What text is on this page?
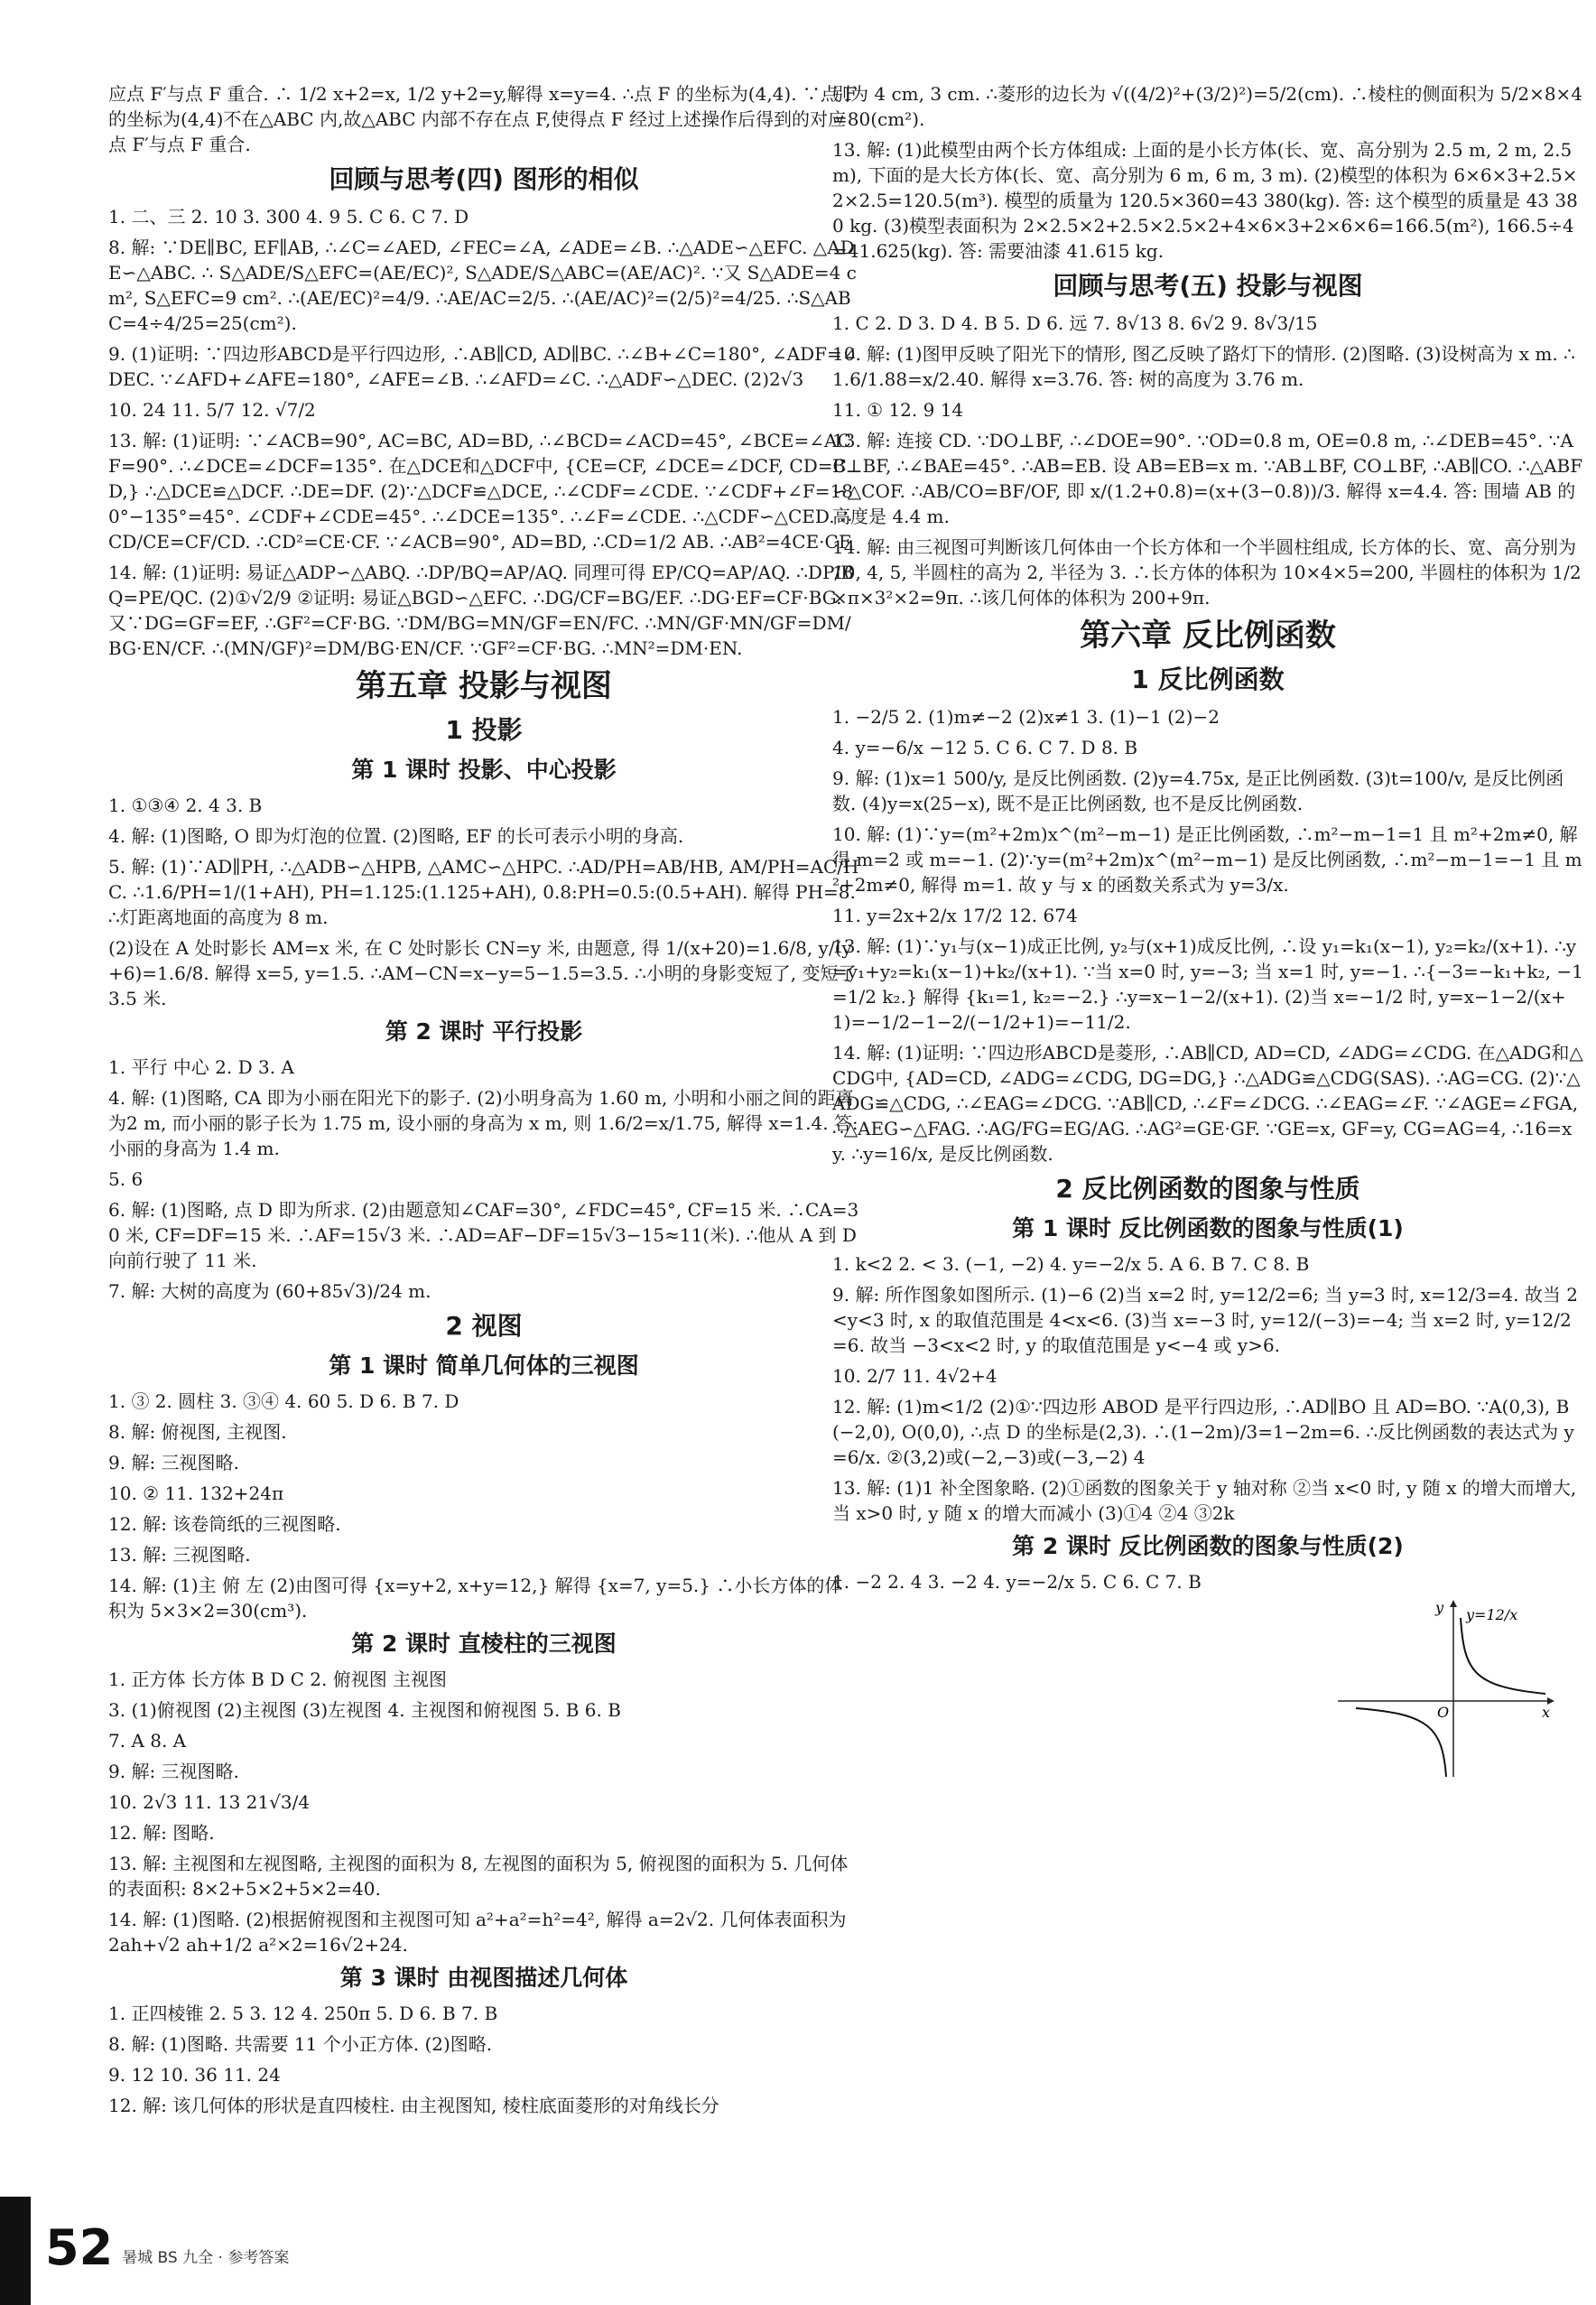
应点 F′与点 F 重合. ∴ 1/2 x+2=x, 1/2 y+2=y,解得 x=y=4. ∴点 F 的坐标为(4,4). ∵点 F 的坐标为(4,4)不在△ABC 内,故△ABC 内部不存在点 F,使得点 F 经过上述操作后得到的对应点 F′与点 F 重合.
回顾与思考(四) 图形的相似
1. 二、三 2. 10 3. 300 4. 9 5. C 6. C 7. D
8. 解: ∵DE∥BC, EF∥AB, ∴∠C=∠AED, ∠FEC=∠A, ∠ADE=∠B. ∴△ADE∽△EFC. △ADE∽△ABC. ∴ S△ADE/S△EFC=(AE/EC)², S△ADE/S△ABC=(AE/AC)². ∵又 S△ADE=4 cm², S△EFC=9 cm². ∴(AE/EC)²=4/9. ∴AE/AC=2/5. ∴(AE/AC)²=(2/5)²=4/25. ∴S△ABC=4÷4/25=25(cm²).
9. (1)证明: ∵四边形ABCD是平行四边形, ∴AB∥CD, AD∥BC. ∴∠B+∠C=180°, ∠ADF=∠DEC. ∵∠AFD+∠AFE=180°, ∠AFE=∠B. ∴∠AFD=∠C. ∴△ADF∽△DEC. (2)2√3
10. 24 11. 5/7 12. √7/2
13. 解: (1)证明: ∵∠ACB=90°, AC=BC, AD=BD, ∴∠BCD=∠ACD=45°, ∠BCE=∠ACF=90°. ∴∠DCE=∠DCF=135°. 在△DCE和△DCF中, {CE=CF, ∠DCE=∠DCF, CD=CD,} ∴△DCE≌△DCF. ∴DE=DF. (2)∵△DCF≌△DCE, ∴∠CDF=∠CDE. ∵∠CDF+∠F=180°−135°=45°. ∠CDF+∠CDE=45°. ∴∠DCE=135°. ∴∠F=∠CDE. ∴△CDF∽△CED. ∴CD/CE=CF/CD. ∴CD²=CE·CF. ∵∠ACB=90°, AD=BD, ∴CD=1/2 AB. ∴AB²=4CE·CF.
14. 解: (1)证明: 易证△ADP∽△ABQ. ∴DP/BQ=AP/AQ. 同理可得 EP/CQ=AP/AQ. ∴DP/BQ=PE/QC. (2)①√2/9 ②证明: 易证△BGD∽△EFC. ∴DG/CF=BG/EF. ∴DG·EF=CF·BG. 又∵DG=GF=EF, ∴GF²=CF·BG. ∵DM/BG=MN/GF=EN/FC. ∴MN/GF·MN/GF=DM/BG·EN/CF. ∴(MN/GF)²=DM/BG·EN/CF. ∵GF²=CF·BG. ∴MN²=DM·EN.
第五章 投影与视图
1 投影
第 1 课时 投影、中心投影
1. ①③④ 2. 4 3. B
4. 解: (1)图略, O 即为灯泡的位置. (2)图略, EF 的长可表示小明的身高.
5. 解: (1)∵AD∥PH, ∴△ADB∽△HPB, △AMC∽△HPC. ∴AD/PH=AB/HB, AM/PH=AC/HC. ∴1.6/PH=1/(1+AH), PH=1.125:(1.125+AH), 0.8:PH=0.5:(0.5+AH). 解得 PH=8. ∴灯距离地面的高度为 8 m.
(2)设在 A 处时影长 AM=x 米, 在 C 处时影长 CN=y 米, 由题意, 得 1/(x+20)=1.6/8, y/(y+6)=1.6/8. 解得 x=5, y=1.5. ∴AM−CN=x−y=5−1.5=3.5. ∴小明的身影变短了, 变短了 3.5 米.
第 2 课时 平行投影
1. 平行 中心 2. D 3. A
4. 解: (1)图略, CA 即为小丽在阳光下的影子. (2)小明身高为 1.60 m, 小明和小丽之间的距离为2 m, 而小丽的影子长为 1.75 m, 设小丽的身高为 x m, 则 1.6/2=x/1.75, 解得 x=1.4. 答: 小丽的身高为 1.4 m.
5. 6
6. 解: (1)图略, 点 D 即为所求. (2)由题意知∠CAF=30°, ∠FDC=45°, CF=15 米. ∴CA=30 米, CF=DF=15 米. ∴AF=15√3 米. ∴AD=AF−DF=15√3−15≈11(米). ∴他从 A 到 D 向前行驶了 11 米.
7. 解: 大树的高度为 (60+85√3)/24 m.
2 视图
第 1 课时 简单几何体的三视图
1. ③ 2. 圆柱 3. ③④ 4. 60 5. D 6. B 7. D
8. 解: 俯视图, 主视图.
9. 解: 三视图略.
10. ② 11. 132+24π
12. 解: 该卷筒纸的三视图略.
13. 解: 三视图略.
14. 解: (1)主 俯 左 (2)由图可得 {x=y+2, x+y=12,} 解得 {x=7, y=5.} ∴小长方体的体积为 5×3×2=30(cm³).
第 2 课时 直棱柱的三视图
1. 正方体 长方体 B D C 2. 俯视图 主视图
3. (1)俯视图 (2)主视图 (3)左视图 4. 主视图和俯视图 5. B 6. B
7. A 8. A
9. 解: 三视图略.
10. 2√3 11. 13 21√3/4
12. 解: 图略.
13. 解: 主视图和左视图略, 主视图的面积为 8, 左视图的面积为 5, 俯视图的面积为 5. 几何体的表面积: 8×2+5×2+5×2=40.
14. 解: (1)图略. (2)根据俯视图和主视图可知 a²+a²=h²=4², 解得 a=2√2. 几何体表面积为 2ah+√2 ah+1/2 a²×2=16√2+24.
第 3 课时 由视图描述几何体
1. 正四棱锥 2. 5 3. 12 4. 250π 5. D 6. B 7. B
8. 解: (1)图略. 共需要 11 个小正方体. (2)图略.
9. 12 10. 36 11. 24
12. 解: 该几何体的形状是直四棱柱. 由主视图知, 棱柱底面菱形的对角线长分
别为 4 cm, 3 cm. ∴菱形的边长为 √((4/2)²+(3/2)²)=5/2(cm). ∴棱柱的侧面积为 5/2×8×4=80(cm²).
13. 解: (1)此模型由两个长方体组成: 上面的是小长方体(长、宽、高分别为 2.5 m, 2 m, 2.5 m), 下面的是大长方体(长、宽、高分别为 6 m, 6 m, 3 m). (2)模型的体积为 6×6×3+2.5×2×2.5=120.5(m³). 模型的质量为 120.5×360=43 380(kg). 答: 这个模型的质量是 43 380 kg. (3)模型表面积为 2×2.5×2+2.5×2.5×2+4×6×3+2×6×6=166.5(m²), 166.5÷4=41.625(kg). 答: 需要油漆 41.615 kg.
回顾与思考(五) 投影与视图
1. C 2. D 3. D 4. B 5. D 6. 远 7. 8√13 8. 6√2 9. 8√3/15
10. 解: (1)图甲反映了阳光下的情形, 图乙反映了路灯下的情形. (2)图略. (3)设树高为 x m. ∴1.6/1.88=x/2.40. 解得 x=3.76. 答: 树的高度为 3.76 m.
11. ① 12. 9 14
13. 解: 连接 CD. ∵DO⊥BF, ∴∠DOE=90°. ∵OD=0.8 m, OE=0.8 m, ∴∠DEB=45°. ∵AB⊥BF, ∴∠BAE=45°. ∴AB=EB. 设 AB=EB=x m. ∵AB⊥BF, CO⊥BF, ∴AB∥CO. ∴△ABF∽△COF. ∴AB/CO=BF/OF, 即 x/(1.2+0.8)=(x+(3−0.8))/3. 解得 x=4.4. 答: 围墙 AB 的高度是 4.4 m.
14. 解: 由三视图可判断该几何体由一个长方体和一个半圆柱组成, 长方体的长、宽、高分别为 10, 4, 5, 半圆柱的高为 2, 半径为 3. ∴长方体的体积为 10×4×5=200, 半圆柱的体积为 1/2×π×3²×2=9π. ∴该几何体的体积为 200+9π.
第六章 反比例函数
1 反比例函数
1. −2/5 2. (1)m≠−2 (2)x≠1 3. (1)−1 (2)−2
4. y=−6/x −12 5. C 6. C 7. D 8. B
9. 解: (1)x=1 500/y, 是反比例函数. (2)y=4.75x, 是正比例函数. (3)t=100/v, 是反比例函数. (4)y=x(25−x), 既不是正比例函数, 也不是反比例函数.
10. 解: (1)∵y=(m²+2m)x^(m²−m−1) 是正比例函数, ∴m²−m−1=1 且 m²+2m≠0, 解得 m=2 或 m=−1. (2)∵y=(m²+2m)x^(m²−m−1) 是反比例函数, ∴m²−m−1=−1 且 m²+2m≠0, 解得 m=1. 故 y 与 x 的函数关系式为 y=3/x.
11. y=2x+2/x 17/2 12. 674
13. 解: (1)∵y₁与(x−1)成正比例, y₂与(x+1)成反比例, ∴设 y₁=k₁(x−1), y₂=k₂/(x+1). ∴y=y₁+y₂=k₁(x−1)+k₂/(x+1). ∵当 x=0 时, y=−3; 当 x=1 时, y=−1. ∴{−3=−k₁+k₂, −1=1/2 k₂.} 解得 {k₁=1, k₂=−2.} ∴y=x−1−2/(x+1). (2)当 x=−1/2 时, y=x−1−2/(x+1)=−1/2−1−2/(−1/2+1)=−11/2.
14. 解: (1)证明: ∵四边形ABCD是菱形, ∴AB∥CD, AD=CD, ∠ADG=∠CDG. 在△ADG和△CDG中, {AD=CD, ∠ADG=∠CDG, DG=DG,} ∴△ADG≌△CDG(SAS). ∴AG=CG. (2)∵△ADG≌△CDG, ∴∠EAG=∠DCG. ∵AB∥CD, ∴∠F=∠DCG. ∴∠EAG=∠F. ∵∠AGE=∠FGA, ∴△AEG∽△FAG. ∴AG/FG=EG/AG. ∴AG²=GE·GF. ∵GE=x, GF=y, CG=AG=4, ∴16=xy. ∴y=16/x, 是反比例函数.
2 反比例函数的图象与性质
第 1 课时 反比例函数的图象与性质(1)
1. k<2 2. < 3. (−1, −2) 4. y=−2/x 5. A 6. B 7. C 8. B
9. 解: 所作图象如图所示. (1)−6 (2)当 x=2 时, y=12/2=6; 当 y=3 时, x=12/3=4. 故当 2<y<3 时, x 的取值范围是 4<x<6. (3)当 x=−3 时, y=12/(−3)=−4; 当 x=2 时, y=12/2=6. 故当 −3<x<2 时, y 的取值范围是 y<−4 或 y>6.
10. 2/7 11. 4√2+4
12. 解: (1)m<1/2 (2)①∵四边形 ABOD 是平行四边形, ∴AD∥BO 且 AD=BO. ∵A(0,3), B(−2,0), O(0,0), ∴点 D 的坐标是(2,3). ∴(1−2m)/3=1−2m=6. ∴反比例函数的表达式为 y=6/x. ②(3,2)或(−2,−3)或(−3,−2) 4
13. 解: (1)1 补全图象略. (2)①函数的图象关于 y 轴对称 ②当 x<0 时, y 随 x 的增大而增大, 当 x>0 时, y 随 x 的增大而减小 (3)①4 ②4 ③2k
第 2 课时 反比例函数的图象与性质(2)
1. −2 2. 4 3. −2 4. y=−2/x 5. C 6. C 7. B
y=12/x
x
y
O
52 暑城 BS 九全 · 参考答案
